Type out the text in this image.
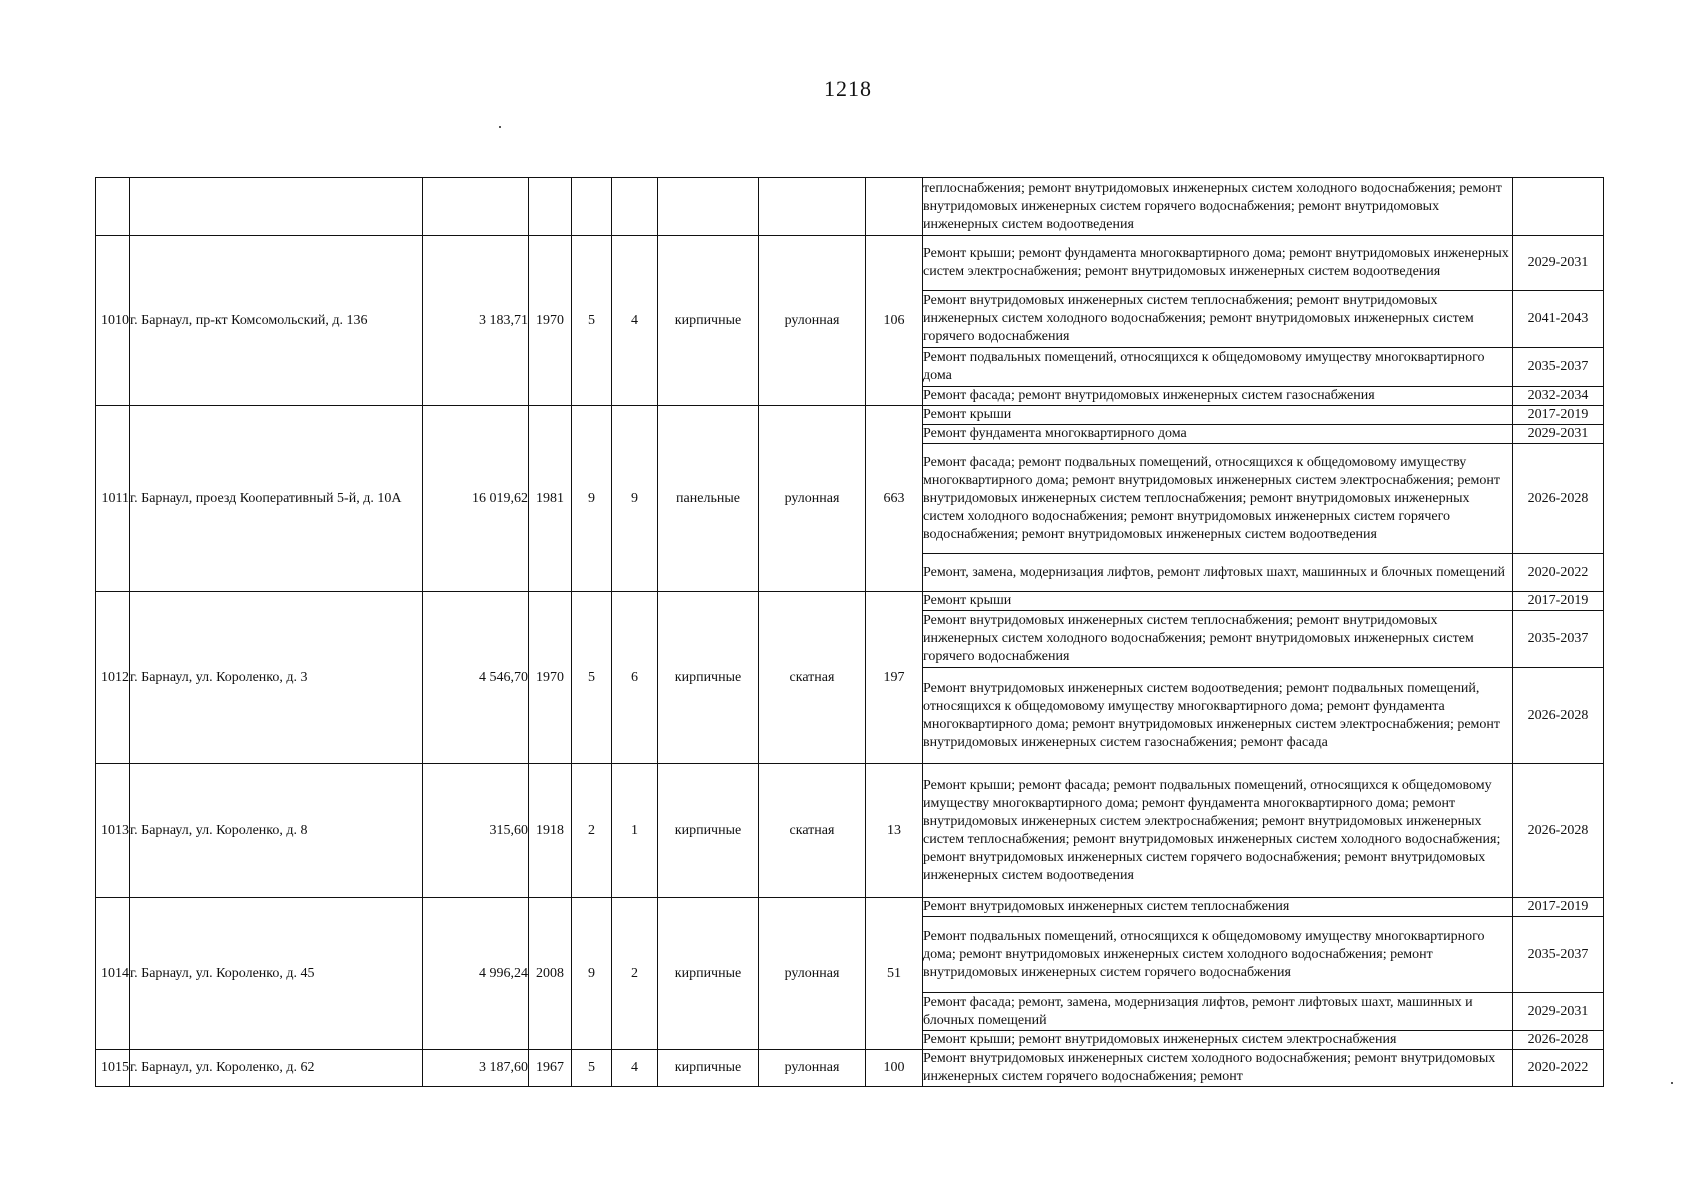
1218
									теплоснабжения; ремонт внутридомовых инженерных систем холодного водоснабжения; ремонт внутридомовых инженерных систем горячего водоснабжения; ремонт внутридомовых инженерных систем водоотведения	
1010	г. Барнаул, пр-кт Комсомольский, д. 136	3 183,71	1970	5	4	кирпичные	рулонная	106	Ремонт крыши; ремонт фундамента многоквартирного дома; ремонт внутридомовых инженерных систем электроснабжения; ремонт внутридомовых инженерных систем водоотведения	2029-2031
									Ремонт внутридомовых инженерных систем теплоснабжения; ремонт внутридомовых инженерных систем холодного водоснабжения; ремонт внутридомовых инженерных систем горячего водоснабжения	2041-2043
									Ремонт подвальных помещений, относящихся к общедомовому имуществу многоквартирного дома	2035-2037
									Ремонт фасада; ремонт внутридомовых инженерных систем газоснабжения	2032-2034
1011	г. Барнаул, проезд Кооперативный 5-й, д. 10А	16 019,62	1981	9	9	панельные	рулонная	663	Ремонт крыши	2017-2019
									Ремонт фундамента многоквартирного дома	2029-2031
									Ремонт фасада; ремонт подвальных помещений, относящихся к общедомовому имуществу многоквартирного дома; ремонт внутридомовых инженерных систем электроснабжения; ремонт внутридомовых инженерных систем теплоснабжения; ремонт внутридомовых инженерных систем холодного водоснабжения; ремонт внутридомовых инженерных систем горячего водоснабжения; ремонт внутридомовых инженерных систем водоотведения	2026-2028
									Ремонт, замена, модернизация лифтов, ремонт лифтовых шахт, машинных и блочных помещений	2020-2022
1012	г. Барнаул, ул. Короленко, д. 3	4 546,70	1970	5	6	кирпичные	скатная	197	Ремонт крыши	2017-2019
									Ремонт внутридомовых инженерных систем теплоснабжения; ремонт внутридомовых инженерных систем холодного водоснабжения; ремонт внутридомовых инженерных систем горячего водоснабжения	2035-2037
									Ремонт внутридомовых инженерных систем водоотведения; ремонт подвальных помещений, относящихся к общедомовому имуществу многоквартирного дома; ремонт фундамента многоквартирного дома; ремонт внутридомовых инженерных систем электроснабжения; ремонт внутридомовых инженерных систем газоснабжения; ремонт фасада	2026-2028
1013	г. Барнаул, ул. Короленко, д. 8	315,60	1918	2	1	кирпичные	скатная	13	Ремонт крыши; ремонт фасада; ремонт подвальных помещений, относящихся к общедомовому имуществу многоквартирного дома; ремонт фундамента многоквартирного дома; ремонт внутридомовых инженерных систем электроснабжения; ремонт внутридомовых инженерных систем теплоснабжения; ремонт внутридомовых инженерных систем холодного водоснабжения; ремонт внутридомовых инженерных систем горячего водоснабжения; ремонт внутридомовых инженерных систем водоотведения	2026-2028
1014	г. Барнаул, ул. Короленко, д. 45	4 996,24	2008	9	2	кирпичные	рулонная	51	Ремонт внутридомовых инженерных систем теплоснабжения	2017-2019
									Ремонт подвальных помещений, относящихся к общедомовому имуществу многоквартирного дома; ремонт внутридомовых инженерных систем холодного водоснабжения; ремонт внутридомовых инженерных систем горячего водоснабжения	2035-2037
									Ремонт фасада; ремонт, замена, модернизация лифтов, ремонт лифтовых шахт, машинных и блочных помещений	2029-2031
									Ремонт крыши; ремонт внутридомовых инженерных систем электроснабжения	2026-2028
1015	г. Барнаул, ул. Короленко, д. 62	3 187,60	1967	5	4	кирпичные	рулонная	100	Ремонт внутридомовых инженерных систем холодного водоснабжения; ремонт внутридомовых инженерных систем горячего водоснабжения; ремонт	2020-2022
